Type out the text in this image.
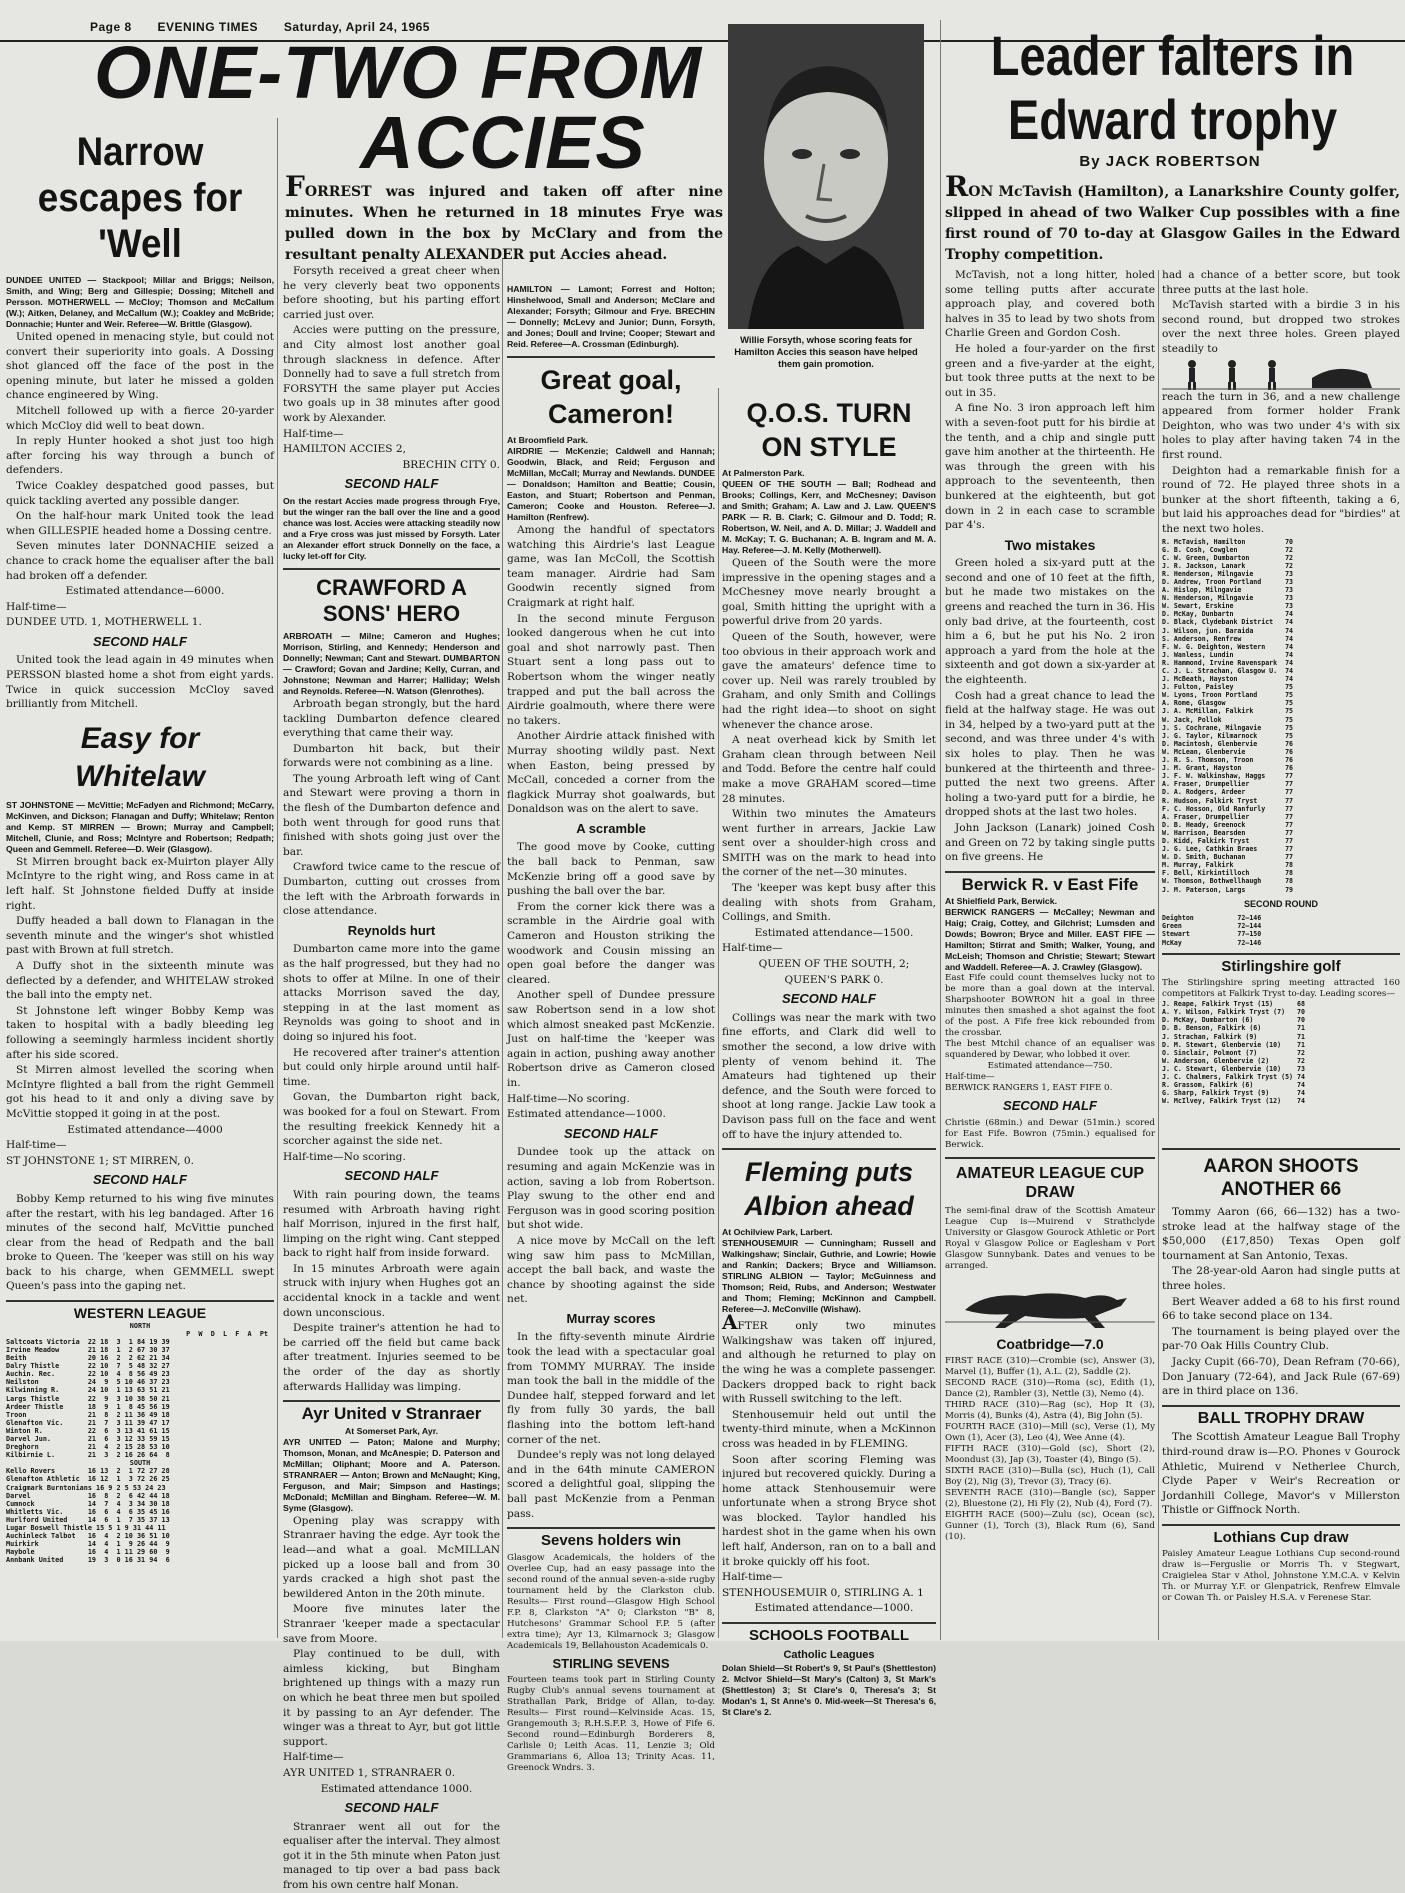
Page 8 EVENING TIMES Saturday, April 24, 1965
ONE-TWO FROM
ACCIES
Willie Forsyth, whose scoring feats for Hamilton Accies this season have helped them gain promotion.
Leader falters in
Edward trophy
By JACK ROBERTSON
Narrow escapes for 'Well
DUNDEE UNITED — Stackpool; Millar and Briggs; Neilson, Smith, and Wing; Berg and Gillespie; Dossing; Mitchell and Persson. MOTHERWELL — McCloy; Thomson and McCallum (W.); Aitken, Delaney, and McCallum (W.); Coakley and McBride; Donnachie; Hunter and Weir. Referee—W. Brittle (Glasgow).

United opened in menacing style, but could not convert their superiority into goals. A Dossing shot glanced off the face of the post in the opening minute, but later he missed a golden chance engineered by Wing.

Mitchell followed up with a fierce 20-yarder which McCloy did well to beat down.

In reply Hunter hooked a shot just too high after forcing his way through a bunch of defenders.

Twice Coakley despatched good passes, but quick tackling averted any possible danger.

On the half-hour mark United took the lead when GILLESPIE headed home a Dossing centre.

Seven minutes later DONNACHIE seized a chance to crack home the equaliser after the ball had broken off a defender.

Estimated attendance—6000.

Half-time—

DUNDEE UTD. 1, MOTHERWELL 1.

SECOND HALF

United took the lead again in 49 minutes when PERSSON blasted home a shot from eight yards. Twice in quick succession McCloy saved brilliantly from Mitchell.

Easy for
Whitelaw
ST JOHNSTONE — McVittie; McFadyen and Richmond; McCarry, McKinven, and Dickson; Flanagan and Duffy; Whitelaw; Renton and Kemp. ST MIRREN — Brown; Murray and Campbell; Mitchell, Clunie, and Ross; McIntyre and Robertson; Redpath; Queen and Gemmell. Referee—D. Weir (Glasgow).

St Mirren brought back ex-Muirton player Ally McIntyre to the right wing, and Ross came in at left half. St Johnstone fielded Duffy at inside right.

Duffy headed a ball down to Flanagan in the seventh minute and the winger's shot whistled past with Brown at full stretch.

A Duffy shot in the sixteenth minute was deflected by a defender, and WHITELAW stroked the ball into the empty net.

St Johnstone left winger Bobby Kemp was taken to hospital with a badly bleeding leg following a seemingly harmless incident shortly after his side scored.

St Mirren almost levelled the scoring when McIntyre flighted a ball from the right Gemmell got his head to it and only a diving save by McVittie stopped it going in at the post.

Estimated attendance—4000

Half-time—

ST JOHNSTONE 1; ST MIRREN, 0.

SECOND HALF

Bobby Kemp returned to his wing five minutes after the restart, with his leg bandaged. After 16 minutes of the second half, McVittie punched clear from the head of Redpath and the ball broke to Queen. The 'keeper was still on his way back to his charge, when GEMMELL swept Queen's pass into the gaping net.

WESTERN LEAGUE
NORTH
P  W  D  L  F  A  Pt
Saltcoats Victoria  22 18  3  1 84 19 39
Irvine Meadow       21 18  1  2 67 30 37
Beith               20 16  2  2 62 21 34
Dalry Thistle       22 10  7  5 48 32 27
Auchin. Rec.        22 10  4  8 56 49 23
Neilston            24  9  5 10 46 37 23
Kilwinning R.       24 10  1 13 63 51 21
Largs Thistle       22  9  3 10 38 50 21
Ardeer Thistle      18  9  1  8 45 56 19
Troon               21  8  2 11 36 49 18
Glenafton Vic.      21  7  3 11 39 47 17
Winton R.           22  6  3 13 41 61 15
Darvel Jun.         21  6  3 12 33 59 15
Dreghorn            21  4  2 15 28 53 10
Kilbirnie L.        21  3  2 16 26 64  8
SOUTH
Kello Rovers        16 13  2  1 72 27 28
Glenafton Athletic  16 12  1  3 72 26 25
Craigmark Burntonians 16 9 2 5 53 24 23
Darvel              16  8  2  6 42 44 18
Cumnock             14  7  4  3 34 30 18
Whitletts Vic.      16  6  4  6 35 45 16
Hurlford United     14  6  1  7 35 37 13
Lugar Boswell Thistle 15 5 1 9 31 44 11
Auchinleck Talbot   16  4  2 10 36 51 10
Muirkirk            14  4  1  9 26 44  9
Maybole             16  4  1 11 29 60  9
Annbank United      19  3  0 16 31 94  6
FORREST was injured and taken off after nine minutes. When he returned in 18 minutes Frye was pulled down in the box by McClary and from the resultant penalty ALEXANDER put Accies ahead.

Forsyth received a great cheer when he very cleverly beat two opponents before shooting, but his parting effort carried just over.

Accies were putting on the pressure, and City almost lost another goal through slackness in defence. After Donnelly had to save a full stretch from FORSYTH the same player put Accies two goals up in 38 minutes after good work by Alexander.

Half-time—

HAMILTON ACCIES 2,

BRECHIN CITY 0.

SECOND HALF
On the restart Accies made progress through Frye, but the winger ran the ball over the line and a good chance was lost. Accies were attacking steadily now and a Frye cross was just missed by Forsyth. Later an Alexander effort struck Donnelly on the face, a lucky let-off for City.
CRAWFORD A SONS' HERO
ARBROATH — Milne; Cameron and Hughes; Morrison, Stirling, and Kennedy; Henderson and Donnelly; Newman; Cant and Stewart. DUMBARTON — Crawford; Govan and Jardine; Kelly, Curran, and Johnstone; Newman and Harrer; Halliday; Welsh and Reynolds. Referee—N. Watson (Glenrothes).

Arbroath began strongly, but the hard tackling Dumbarton defence cleared everything that came their way.

Dumbarton hit back, but their forwards were not combining as a line.

The young Arbroath left wing of Cant and Stewart were proving a thorn in the flesh of the Dumbarton defence and both went through for good runs that finished with shots going just over the bar.

Crawford twice came to the rescue of Dumbarton, cutting out crosses from the left with the Arbroath forwards in close attendance.

Reynolds hurt

Dumbarton came more into the game as the half progressed, but they had no shots to offer at Milne. In one of their attacks Morrison saved the day, stepping in at the last moment as Reynolds was going to shoot and in doing so injured his foot.

He recovered after trainer's attention but could only hirple around until half-time.

Govan, the Dumbarton right back, was booked for a foul on Stewart. From the resulting freekick Kennedy hit a scorcher against the side net.

Half-time—No scoring.

SECOND HALF

With rain pouring down, the teams resumed with Arbroath having right half Morrison, injured in the first half, limping on the right wing. Cant stepped back to right half from inside forward.

In 15 minutes Arbroath were again struck with injury when Hughes got an accidental knock in a tackle and went down unconscious.

Despite trainer's attention he had to be carried off the field but came back after treatment. Injuries seemed to be the order of the day as shortly afterwards Halliday was limping.

Ayr United v Stranraer
At Somerset Park, Ayr.
AYR UNITED — Paton; Malone and Murphy; Thomson, Monan, and McAnespie; D. Paterson and McMillan; Oliphant; Moore and A. Paterson. STRANRAER — Anton; Brown and McNaught; King, Ferguson, and Mair; Simpson and Hastings; McDonald; McMillan and Bingham. Referee—W. M. Syme (Glasgow).

Opening play was scrappy with Stranraer having the edge. Ayr took the lead—and what a goal. McMILLAN picked up a loose ball and from 30 yards cracked a high shot past the bewildered Anton in the 20th minute.

Moore five minutes later the Stranraer 'keeper made a spectacular save from Moore.

Play continued to be dull, with aimless kicking, but Bingham brightened up things with a mazy run on which he beat three men but spoiled it by passing to an Ayr defender. The winger was a threat to Ayr, but got little support.

Half-time—

AYR UNITED 1, STRANRAER 0.

Estimated attendance 1000.

SECOND HALF

Stranraer went all out for the equaliser after the interval. They almost got it in the 5th minute when Paton just managed to tip over a bad pass back from his own centre half Monan.

HAMILTON — Lamont; Forrest and Holton; Hinshelwood, Small and Anderson; McClare and Alexander; Forsyth; Gilmour and Frye. BRECHIN — Donnelly; McLevy and Junior; Dunn, Forsyth, and Jones; Doull and Irvine; Cooper; Stewart and Reid. Referee—A. Crossman (Edinburgh).
Great goal,
Cameron!
At Broomfield Park.
AIRDRIE — McKenzie; Caldwell and Hannah; Goodwin, Black, and Reid; Ferguson and McMillan, McCall; Murray and Newlands. DUNDEE — Donaldson; Hamilton and Beattie; Cousin, Easton, and Stuart; Robertson and Penman, Cameron; Cooke and Houston. Referee—J. Hamilton (Renfrew).

Among the handful of spectators watching this Airdrie's last League game, was Ian McColl, the Scottish team manager. Airdrie had Sam Goodwin recently signed from Craigmark at right half.

In the second minute Ferguson looked dangerous when he cut into goal and shot narrowly past. Then Stuart sent a long pass out to Robertson whom the winger neatly trapped and put the ball across the Airdrie goalmouth, where there were no takers.

Another Airdrie attack finished with Murray shooting wildly past. Next when Easton, being pressed by McCall, conceded a corner from the flagkick Murray shot goalwards, but Donaldson was on the alert to save.

A scramble

The good move by Cooke, cutting the ball back to Penman, saw McKenzie bring off a good save by pushing the ball over the bar.

From the corner kick there was a scramble in the Airdrie goal with Cameron and Houston striking the woodwork and Cousin missing an open goal before the danger was cleared.

Another spell of Dundee pressure saw Robertson send in a low shot which almost sneaked past McKenzie. Just on half-time the 'keeper was again in action, pushing away another Robertson drive as Cameron closed in.

Half-time—No scoring.

Estimated attendance—1000.

SECOND HALF

Dundee took up the attack on resuming and again McKenzie was in action, saving a lob from Robertson. Play swung to the other end and Ferguson was in good scoring position but shot wide.

A nice move by McCall on the left wing saw him pass to McMillan, accept the ball back, and waste the chance by shooting against the side net.

Murray scores

In the fifty-seventh minute Airdrie took the lead with a spectacular goal from TOMMY MURRAY. The inside man took the ball in the middle of the Dundee half, stepped forward and let fly from fully 30 yards, the ball flashing into the bottom left-hand corner of the net.

Dundee's reply was not long delayed and in the 64th minute CAMERON scored a delightful goal, slipping the ball past McKenzie from a Penman pass.

Sevens holders win
Glasgow Academicals, the holders of the Overlee Cup, had an easy passage into the second round of the annual seven-a-side rugby tournament held by the Clarkston club. Results— First round—Glasgow High School F.P. 8, Clarkston "A" 0; Clarkston "B" 8, Hutchesons' Grammar School F.P. 5 (after extra time); Ayr 13, Kilmarnock 3; Glasgow Academicals 19, Bellahouston Academicals 0.
STIRLING SEVENS
Fourteen teams took part in Stirling County Rugby Club's annual sevens tournament at Strathallan Park, Bridge of Allan, to-day. Results— First round—Kelvinside Acas. 15, Grangemouth 3; R.H.S.F.P. 3, Howe of Fife 6. Second round—Edinburgh Borderers 8, Carlisle 0; Leith Acas. 11, Lenzie 3; Old Grammarians 6, Alloa 13; Trinity Acas. 11, Greenock Wndrs. 3.
Q.O.S. TURN
ON STYLE
At Palmerston Park.
QUEEN OF THE SOUTH — Ball; Rodhead and Brooks; Collings, Kerr, and McChesney; Davison and Smith; Graham; A. Law and J. Law. QUEEN'S PARK — R. B. Clark; C. Gilmour and D. Todd; R. Robertson, W. Neil, and A. D. Millar; J. Waddell and M. McKay; T. G. Buchanan; A. B. Ingram and M. A. Hay. Referee—J. M. Kelly (Motherwell).

Queen of the South were the more impressive in the opening stages and a McChesney move nearly brought a goal, Smith hitting the upright with a powerful drive from 20 yards.

Queen of the South, however, were too obvious in their approach work and gave the amateurs' defence time to cover up. Neil was rarely troubled by Graham, and only Smith and Collings had the right idea—to shoot on sight whenever the chance arose.

A neat overhead kick by Smith let Graham clean through between Neil and Todd. Before the centre half could make a move GRAHAM scored—time 28 minutes.

Within two minutes the Amateurs went further in arrears, Jackie Law sent over a shoulder-high cross and SMITH was on the mark to head into the corner of the net—30 minutes.

The 'keeper was kept busy after this dealing with shots from Graham, Collings, and Smith.

Estimated attendance—1500.

Half-time—

QUEEN OF THE SOUTH, 2;

QUEEN'S PARK 0.

SECOND HALF

Collings was near the mark with two fine efforts, and Clark did well to smother the second, a low drive with plenty of venom behind it. The Amateurs had tightened up their defence, and the South were forced to shoot at long range. Jackie Law took a Davison pass full on the face and went off to have the injury attended to.

Fleming puts
Albion ahead
At Ochilview Park, Larbert.
STENHOUSEMUIR — Cunningham; Russell and Walkingshaw; Sinclair, Guthrie, and Lowrie; Howie and Rankin; Dackers; Bryce and Williamson. STIRLING ALBION — Taylor; McGuinness and Thomson; Reid, Rubs, and Anderson; Westwater and Thom; Fleming; McKinnon and Campbell. Referee—J. McConville (Wishaw).

AFTER only two minutes Walkingshaw was taken off injured, and although he returned to play on the wing he was a complete passenger. Dackers dropped back to right back with Russell switching to the left.

Stenhousemuir held out until the twenty-third minute, when a McKinnon cross was headed in by FLEMING.

Soon after scoring Fleming was injured but recovered quickly. During a home attack Stenhousemuir were unfortunate when a strong Bryce shot was blocked. Taylor handled his hardest shot in the game when his own left half, Anderson, ran on to a ball and it broke quickly off his foot.

Half-time—

STENHOUSEMUIR 0, STIRLING A. 1

Estimated attendance—1000.

SCHOOLS FOOTBALL
Catholic Leagues
Dolan Shield—St Robert's 9, St Paul's (Shettleston) 2. McIvor Shield—St Mary's (Calton) 3, St Mark's (Shettleston) 3; St Clare's 0, Theresa's 3; St Modan's 1, St Anne's 0. Mid-week—St Theresa's 6, St Clare's 2.
RON McTavish (Hamilton), a Lanarkshire County golfer, slipped in ahead of two Walker Cup possibles with a fine first round of 70 to-day at Glasgow Gailes in the Edward Trophy competition.

McTavish, not a long hitter, holed some telling putts after accurate approach play, and covered both halves in 35 to lead by two shots from Charlie Green and Gordon Cosh.

He holed a four-yarder on the first green and a five-yarder at the eight, but took three putts at the next to be out in 35.

A fine No. 3 iron approach left him with a seven-foot putt for his birdie at the tenth, and a chip and single putt gave him another at the thirteenth. He was through the green with his approach to the seventeenth, then bunkered at the eighteenth, but got down in 2 in each case to scramble par 4's.

Two mistakes

Green holed a six-yard putt at the second and one of 10 feet at the fifth, but he made two mistakes on the greens and reached the turn in 36. His only bad drive, at the fourteenth, cost him a 6, but he put his No. 2 iron approach a yard from the hole at the sixteenth and got down a six-yarder at the eighteenth.

Cosh had a great chance to lead the field at the halfway stage. He was out in 34, helped by a two-yard putt at the second, and was three under 4's with six holes to play. Then he was bunkered at the thirteenth and three-putted the next two greens. After holing a two-yard putt for a birdie, he dropped shots at the last two holes.

John Jackson (Lanark) joined Cosh and Green on 72 by taking single putts on five greens. He

Berwick R. v East Fife
At Shielfield Park, Berwick.
BERWICK RANGERS — McCalley; Newman and Haig; Craig, Cottey, and Gilchrist; Lumsden and Dowds; Bowron; Bryce and Miller. EAST FIFE — Hamilton; Stirrat and Smith; Walker, Young, and McLeish; Thomson and Christie; Stewart; Stewart and Waddell. Referee—A. J. Crawley (Glasgow).
East Fife could count themselves lucky not to be more than a goal down at the interval. Sharpshooter BOWRON hit a goal in three minutes then smashed a shot against the foot of the post. A Fife free kick rebounded from the crossbar.
The best Mtchil chance of an equaliser was squandered by Dewar, who lobbed it over.
Estimated attendance—750.
Half-time—
BERWICK RANGERS 1, EAST FIFE 0.
SECOND HALF
Christie (68min.) and Dewar (51min.) scored for East Fife. Bowron (75min.) equalised for Berwick.
AMATEUR LEAGUE CUP DRAW
The semi-final draw of the Scottish Amateur League Cup is—Muirend v Strathclyde University or Glasgow Gourock Athletic or Port Royal v Glasgow Police or Eaglesham v Port Glasgow Sunnybank. Dates and venues to be arranged.
Coatbridge—7.0
FIRST RACE (310)—Crombie (sc), Answer (3), Marvel (1), Buffer (1), A.L. (2), Saddle (2).
SECOND RACE (310)—Roma (sc), Edith (1), Dance (2), Rambler (3), Nettle (3), Nemo (4).
THIRD RACE (310)—Rag (sc), Hop It (3), Morris (4), Bunks (4), Astra (4), Big John (5).
FOURTH RACE (310)—Mill (sc), Verse (1), My Own (1), Acer (3), Leo (4), Wee Anne (4).
FIFTH RACE (310)—Gold (sc), Short (2), Moondust (3), Jap (3), Toaster (4), Bingo (5).
SIXTH RACE (310)—Bulla (sc), Huch (1), Call Boy (2), Nig (3), Trevor (3), Tracy (6).
SEVENTH RACE (310)—Bangle (sc), Sapper (2), Bluestone (2), Hi Fly (2), Nub (4), Ford (7).
EIGHTH RACE (500)—Zulu (sc), Ocean (sc), Gunner (1), Torch (3), Black Rum (6), Sand (10).

had a chance of a better score, but took three putts at the last hole.

McTavish started with a birdie 3 in his second round, but dropped two strokes over the next three holes. Green played steadily to

reach the turn in 36, and a new challenge appeared from former holder Frank Deighton, who was two under 4's with six holes to play after having taken 74 in the first round.

Deighton had a remarkable finish for a round of 72. He played three shots in a bunker at the short fifteenth, taking a 6, but laid his approaches dead for "birdies" at the next two holes.

R. McTavish, Hamilton          70
G. B. Cosh, Cowglen            72
C. W. Green, Dumbarton         72
J. R. Jackson, Lanark          72
R. Henderson, Milngavie        73
D. Andrew, Troon Portland      73
A. Hislop, Milngavie           73
N. Henderson, Milngavie        73
W. Sewart, Erskine             73
D. McKay, Dunbartn             74
D. Black, Clydebank District   74
J. Wilson, jun. Baraida        74
S. Anderson, Renfrew           74
F. W. G. Deighton, Western     74
J. Wanless, Lundin             74
R. Hammond, Irvine Ravenspark  74
C. J. L. Strachan, Glasgow U.  74
J. McBeath, Hayston            74
J. Fulton, Paisley             75
W. Lyons, Troon Portland       75
A. Rome, Glasgow               75
J. A. McMillan, Falkirk        75
W. Jack, Pollok                75
J. S. Cochrane, Milngavie      75
J. G. Taylor, Kilmarnock       75
D. Macintosh, Glenbervie       76
W. McLean, Glenbervie          76
J. R. S. Thomson, Troon        76
J. M. Grant, Hayston           76
J. F. W. Walkinshaw, Haggs     77
A. Fraser, Drumpellier         77
D. A. Rodgers, Ardeer          77
R. Hudson, Falkirk Tryst       77
F. C. Hosson, Old Ranfurly     77
A. Fraser, Drumpellier         77
D. B. Heady, Greenock          77
W. Harrison, Bearsden          77
D. Kidd, Falkirk Tryst         77
J. G. Lee, Cathkin Braes       77
W. D. Smith, Buchanan          77
M. Murray, Falkirk             78
F. Bell, Kirkintilloch         78
W. Thomson, Bothwellhaugh      78
J. M. Paterson, Largs          79
SECOND ROUND
Deighton           72—146
Green              72—144
Stewart            77—150
McKay              72—146
Stirlingshire golf
The Stirlingshire spring meeting attracted 160 competitors at Falkirk Tryst to-day. Leading scores—
J. Reape, Falkirk Tryst (15)      68
A. Y. Wilson, Falkirk Tryst (7)   70
D. McKay, Dumbarton (6)           70
D. B. Benson, Falkirk (6)         71
J. Strachan, Falkirk (9)          71
D. M. Stewart, Glenbervie (10)    71
O. Sinclair, Polmont (7)          72
W. Anderson, Glenbervie (2)       72
J. C. Stewart, Glenbervie (10)    73
J. C. Chalmers, Falkirk Tryst (5) 74
R. Grassom, Falkirk (6)           74
G. Sharp, Falkirk Tryst (9)       74
W. McIlvey, Falkirk Tryst (12)    74
AARON SHOOTS ANOTHER 66

Tommy Aaron (66, 66—132) has a two-stroke lead at the halfway stage of the $50,000 (£17,850) Texas Open golf tournament at San Antonio, Texas.

The 28-year-old Aaron had single putts at three holes.

Bert Weaver added a 68 to his first round 66 to take second place on 134.

The tournament is being played over the par-70 Oak Hills Country Club.

Jacky Cupit (66-70), Dean Refram (70-66), Don January (72-64), and Jack Rule (67-69) are in third place on 136.

BALL TROPHY DRAW

The Scottish Amateur League Ball Trophy third-round draw is—P.O. Phones v Gourock Athletic, Muirend v Netherlee Church, Clyde Paper v Weir's Recreation or Jordanhill College, Mavor's v Millerston Thistle or Giffnock North.

Lothians Cup draw
Paisley Amateur League Lothians Cup second-round draw is—Ferguslie or Morris Th. v Stegwart, Craigielea Star v Athol, Johnstone Y.M.C.A. v Kelvin Th. or Murray Y.F. or Glenpatrick, Renfrew Elmvale or Cowan Th. or Paisley H.S.A. v Ferenese Star.
